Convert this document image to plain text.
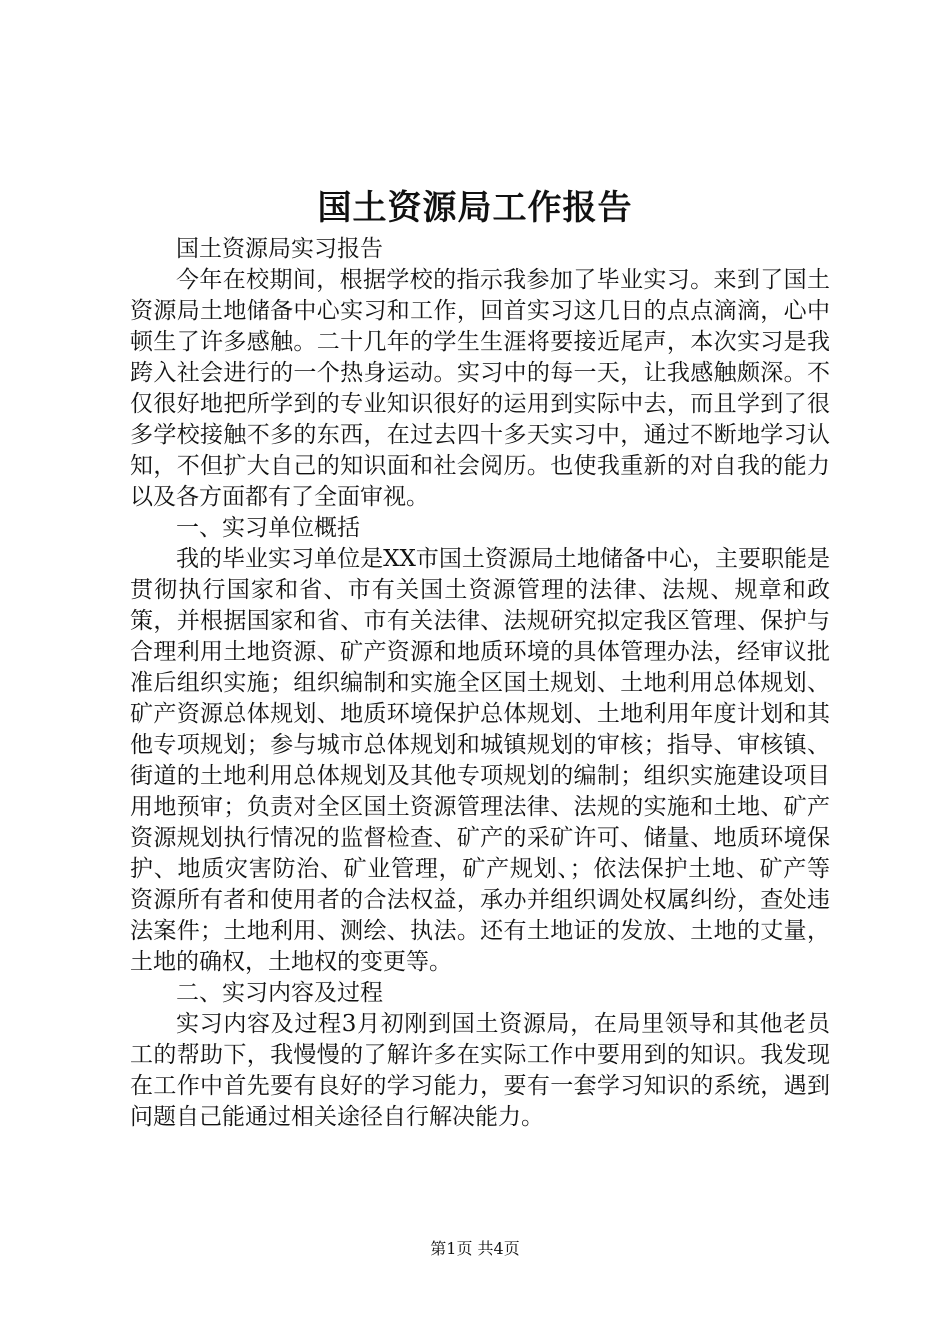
国土资源局工作报告

国土资源局实习报告

今年在校期间，根据学校的指示我参加了毕业实习。来到了国土资源局土地储备中心实习和工作，回首实习这几日的点点滴滴，心中顿生了许多感触。二十几年的学生生涯将要接近尾声，本次实习是我跨入社会进行的一个热身运动。实习中的每一天，让我感触颇深。不仅很好地把所学到的专业知识很好的运用到实际中去，而且学到了很多学校接触不多的东西，在过去四十多天实习中，通过不断地学习认知，不但扩大自己的知识面和社会阅历。也使我重新的对自我的能力以及各方面都有了全面审视。

一、实习单位概括

我的毕业实习单位是XX市国土资源局土地储备中心，主要职能是贯彻执行国家和省、市有关国土资源管理的法律、法规、规章和政策，并根据国家和省、市有关法律、法规研究拟定我区管理、保护与合理利用土地资源、矿产资源和地质环境的具体管理办法，经审议批准后组织实施；组织编制和实施全区国土规划、土地利用总体规划、矿产资源总体规划、地质环境保护总体规划、土地利用年度计划和其他专项规划；参与城市总体规划和城镇规划的审核；指导、审核镇、街道的土地利用总体规划及其他专项规划的编制；组织实施建设项目用地预审；负责对全区国土资源管理法律、法规的实施和土地、矿产资源规划执行情况的监督检查、矿产的采矿许可、储量、地质环境保护、地质灾害防治、矿业管理，矿产规划、；依法保护土地、矿产等资源所有者和使用者的合法权益，承办并组织调处权属纠纷，查处违法案件；土地利用、测绘、执法。还有土地证的发放、土地的丈量，土地的确权，土地权的变更等。

二、实习内容及过程

实习内容及过程3月初刚到国土资源局，在局里领导和其他老员工的帮助下，我慢慢的了解许多在实际工作中要用到的知识。我发现在工作中首先要有良好的学习能力，要有一套学习知识的系统，遇到问题自己能通过相关途径自行解决能力。

第1页 共4页
